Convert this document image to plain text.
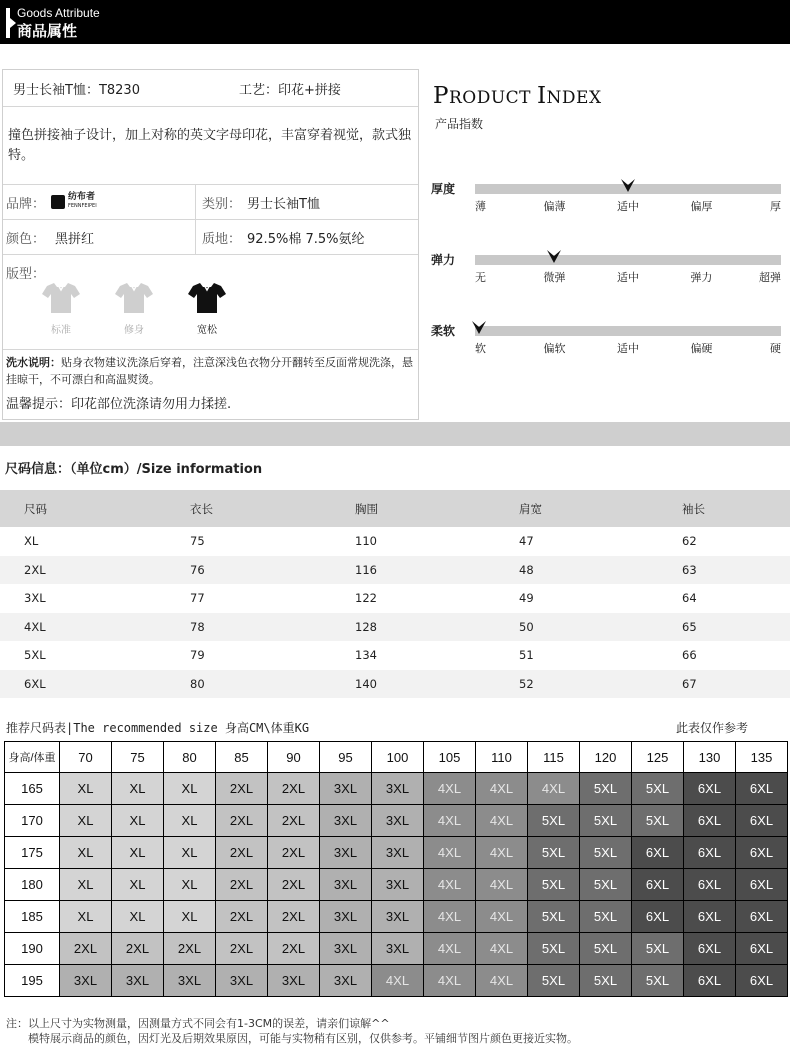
Goods Attribute
商品属性
男士长袖T恤：T8230	工艺：印花+拼接
撞色拼接袖子设计，加上对称的英文字母印花，丰富穿着视觉，款式独特。
品牌：	纺布者
FENNFEIPEI	类别： 男士长袖T恤
颜色： 黑拼红	质地： 92.5%棉 7.5%氨纶
版型：
标准	修身	宽松
洗水说明：贴身衣物建议洗涤后穿着，注意深浅色衣物分开翻转至反面常规洗涤，悬挂晾干，不可漂白和高温熨烫。
温馨提示：印花部位洗涤请勿用力揉搓.
PRODUCT INDEX
产品指数
厚度
薄	偏薄	适中	偏厚	厚
弹力
无	微弹	适中	弹力	超弹
柔软
软	偏软	适中	偏硬	硬
尺码信息：（单位cm）/Size information
尺码	衣长	胸围	肩宽	袖长
XL	75	110	47	62
2XL	76	116	48	63
3XL	77	122	49	64
4XL	78	128	50	65
5XL	79	134	51	66
6XL	80	140	52	67
推荐尺码表|The recommended size 身高CM\体重KG	此表仅作参考
身高/体重	70	75	80	85	90	95	100	105	110	115	120	125	130	135
165	XL	XL	XL	2XL	2XL	3XL	3XL	4XL	4XL	4XL	5XL	5XL	6XL	6XL
170	XL	XL	XL	2XL	2XL	3XL	3XL	4XL	4XL	5XL	5XL	5XL	6XL	6XL
175	XL	XL	XL	2XL	2XL	3XL	3XL	4XL	4XL	5XL	5XL	6XL	6XL	6XL
180	XL	XL	XL	2XL	2XL	3XL	3XL	4XL	4XL	5XL	5XL	6XL	6XL	6XL
185	XL	XL	XL	2XL	2XL	3XL	3XL	4XL	4XL	5XL	5XL	6XL	6XL	6XL
190	2XL	2XL	2XL	2XL	2XL	3XL	3XL	4XL	4XL	5XL	5XL	5XL	6XL	6XL
195	3XL	3XL	3XL	3XL	3XL	3XL	4XL	4XL	4XL	5XL	5XL	5XL	6XL	6XL
注：以上尺寸为实物测量，因测量方式不同会有1-3CM的误差，请亲们谅解^^
模特展示商品的颜色，因灯光及后期效果原因，可能与实物稍有区别，仅供参考。平铺细节图片颜色更接近实物。
